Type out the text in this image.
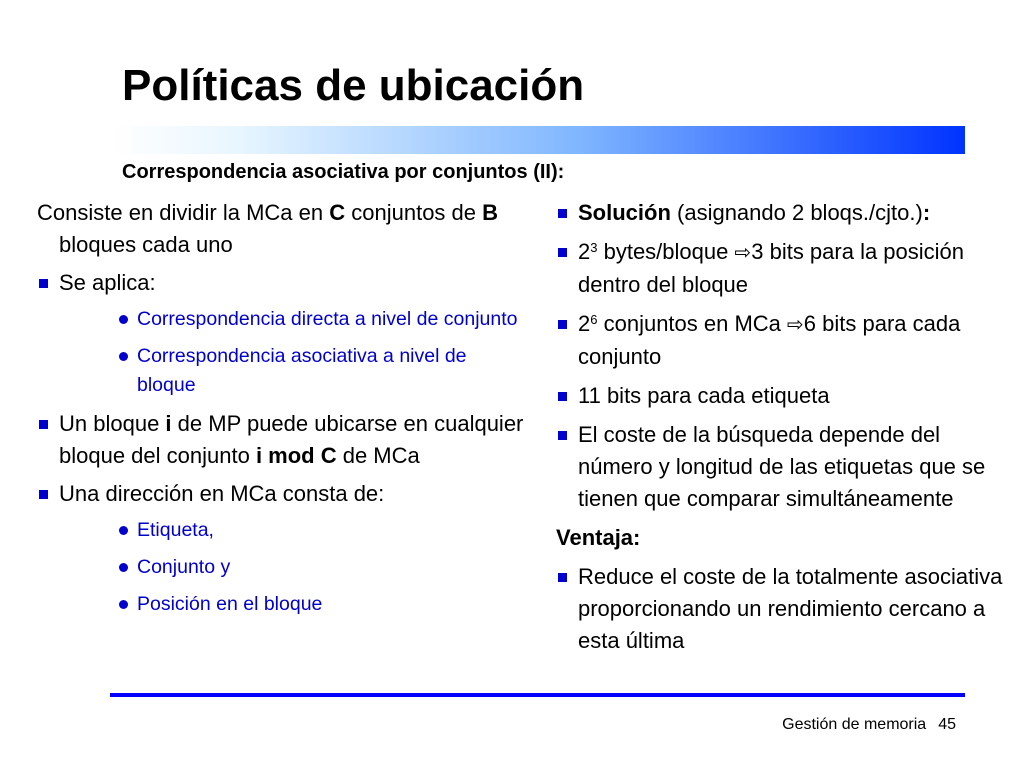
Políticas de ubicación
Correspondencia asociativa por conjuntos (II):

Consiste en dividir la MCa en C conjuntos de B bloques cada uno

Se aplica:

Correspondencia directa a nivel de conjunto

Correspondencia asociativa a nivel de bloque

Un bloque i de MP puede ubicarse en cualquier bloque del conjunto i mod C de MCa

Una dirección en MCa consta de:

Etiqueta,

Conjunto y

Posición en el bloque

Solución (asignando 2 bloqs./cjto.):

$2^3$ bytes/bloque ⇨3 bits para la posición dentro del bloque

$2^6$ conjuntos en MCa ⇨6 bits para cada conjunto

11 bits para cada etiqueta

El coste de la búsqueda depende del número y longitud de las etiquetas que se tienen que comparar simultáneamente

Ventaja:

Reduce el coste de la totalmente asociativa proporcionando un rendimiento cercano a esta última

Gestión de memoria 45
